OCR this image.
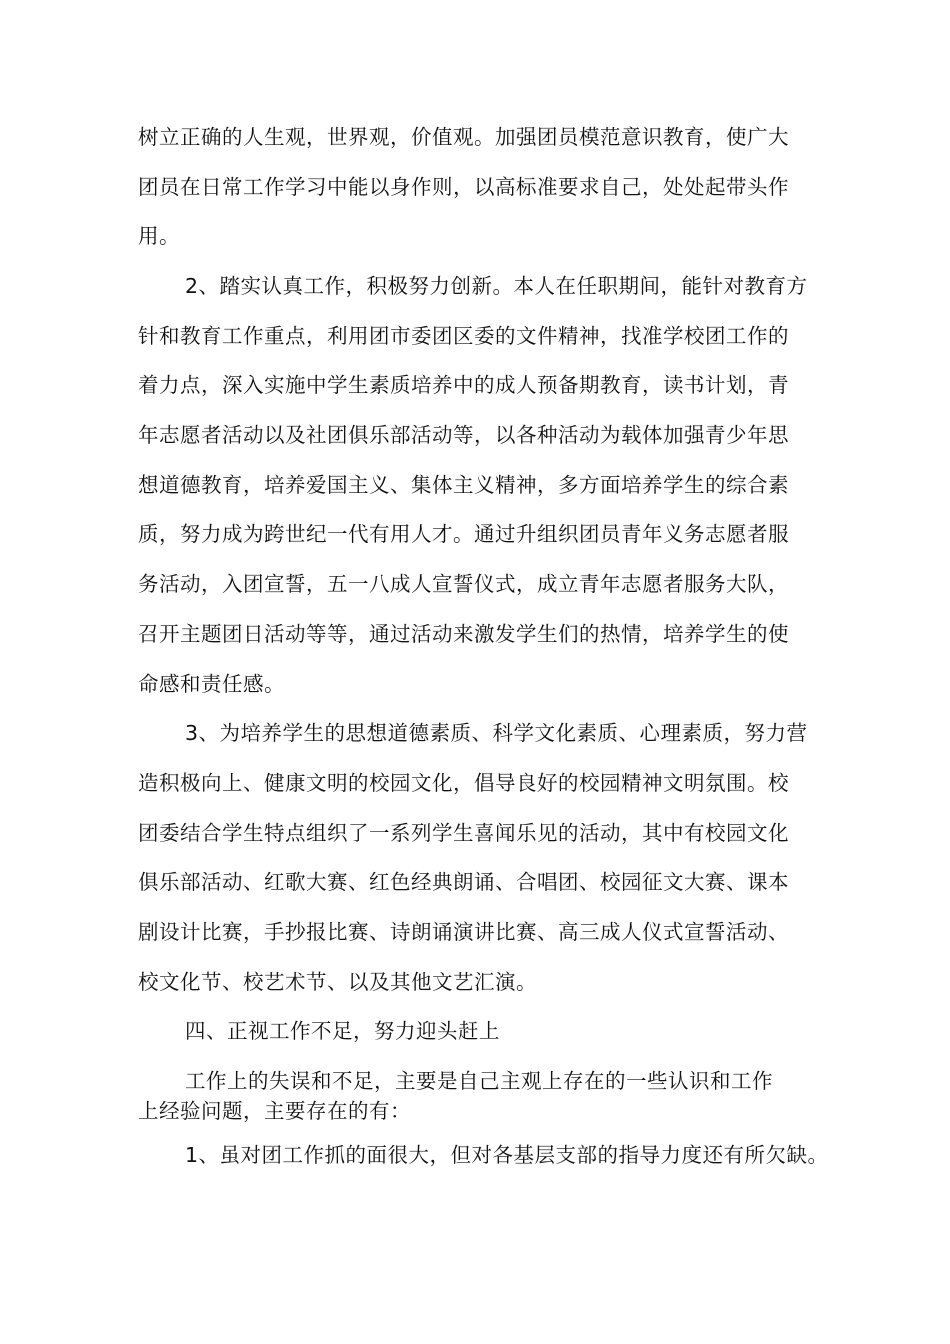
树立正确的人生观，世界观，价值观。加强团员模范意识教育，使广大
团员在日常工作学习中能以身作则，以高标准要求自己，处处起带头作
用。
2、踏实认真工作，积极努力创新。本人在任职期间，能针对教育方
针和教育工作重点，利用团市委团区委的文件精神，找准学校团工作的
着力点，深入实施中学生素质培养中的成人预备期教育，读书计划，青
年志愿者活动以及社团俱乐部活动等，以各种活动为载体加强青少年思
想道德教育，培养爱国主义、集体主义精神，多方面培养学生的综合素
质，努力成为跨世纪一代有用人才。通过升组织团员青年义务志愿者服
务活动，入团宣誓，五一八成人宣誓仪式，成立青年志愿者服务大队，
召开主题团日活动等等，通过活动来激发学生们的热情，培养学生的使
命感和责任感。
3、为培养学生的思想道德素质、科学文化素质、心理素质，努力营
造积极向上、健康文明的校园文化，倡导良好的校园精神文明氛围。校
团委结合学生特点组织了一系列学生喜闻乐见的活动，其中有校园文化
俱乐部活动、红歌大赛、红色经典朗诵、合唱团、校园征文大赛、课本
剧设计比赛，手抄报比赛、诗朗诵演讲比赛、高三成人仪式宣誓活动、
校文化节、校艺术节、以及其他文艺汇演。
四、正视工作不足，努力迎头赶上
工作上的失误和不足，主要是自己主观上存在的一些认识和工作
上经验问题，主要存在的有：
1、虽对团工作抓的面很大，但对各基层支部的指导力度还有所欠缺。
